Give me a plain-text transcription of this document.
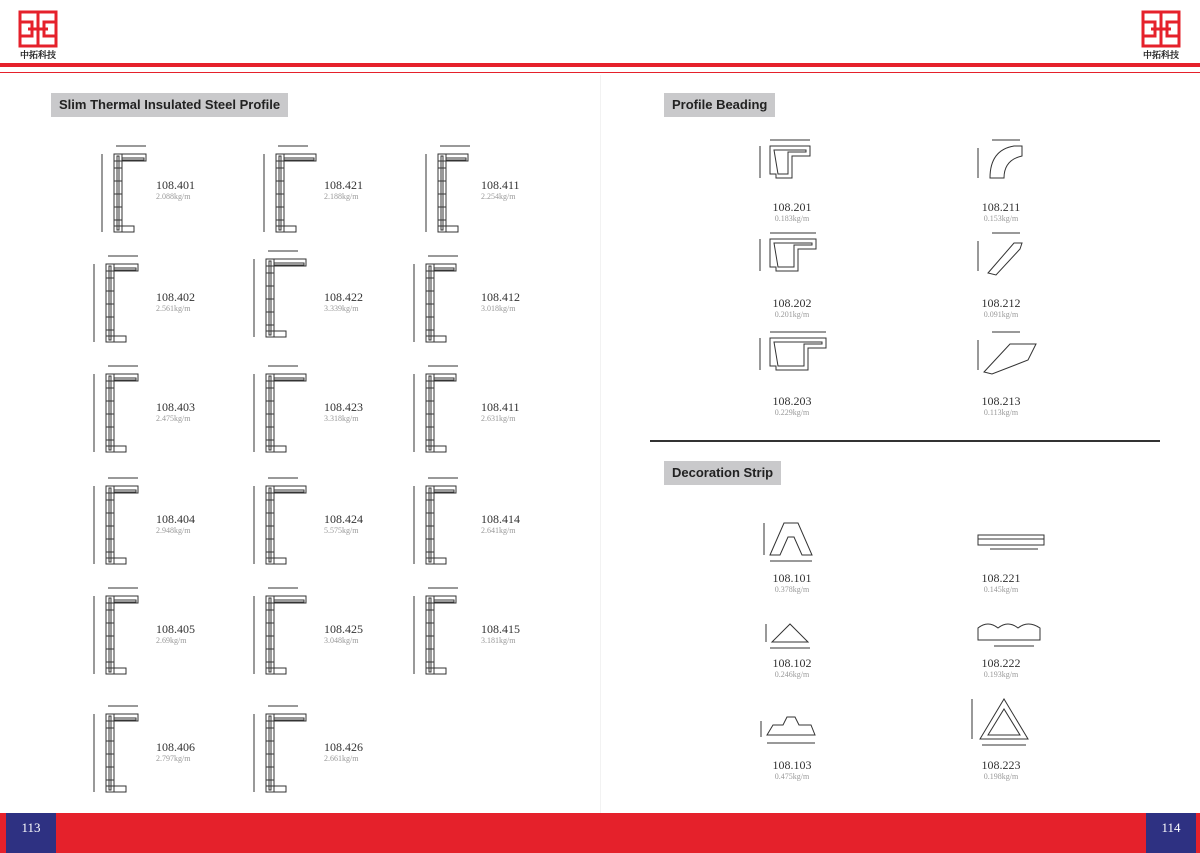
中拓科技	中拓科技
Slim Thermal Insulated Steel Profile	Profile Beading
Decoration Strip
108.401
2.088kg/m
108.421
2.188kg/m
108.411
2.254kg/m
108.402
2.561kg/m
108.422
3.339kg/m
108.412
3.018kg/m
108.403
2.475kg/m
108.423
3.318kg/m
108.411
2.631kg/m
108.404
2.948kg/m
108.424
5.575kg/m
108.414
2.641kg/m
108.405
2.69kg/m
108.425
3.048kg/m
108.415
3.181kg/m
108.406
2.797kg/m
108.426
2.661kg/m
108.201
0.183kg/m
108.211
0.153kg/m
108.202
0.201kg/m
108.212
0.091kg/m
108.203
0.229kg/m
108.213
0.113kg/m
108.101
0.378kg/m
108.221
0.145kg/m
108.102
0.246kg/m
108.222
0.193kg/m
108.103
0.475kg/m
108.223
0.198kg/m
113	114
